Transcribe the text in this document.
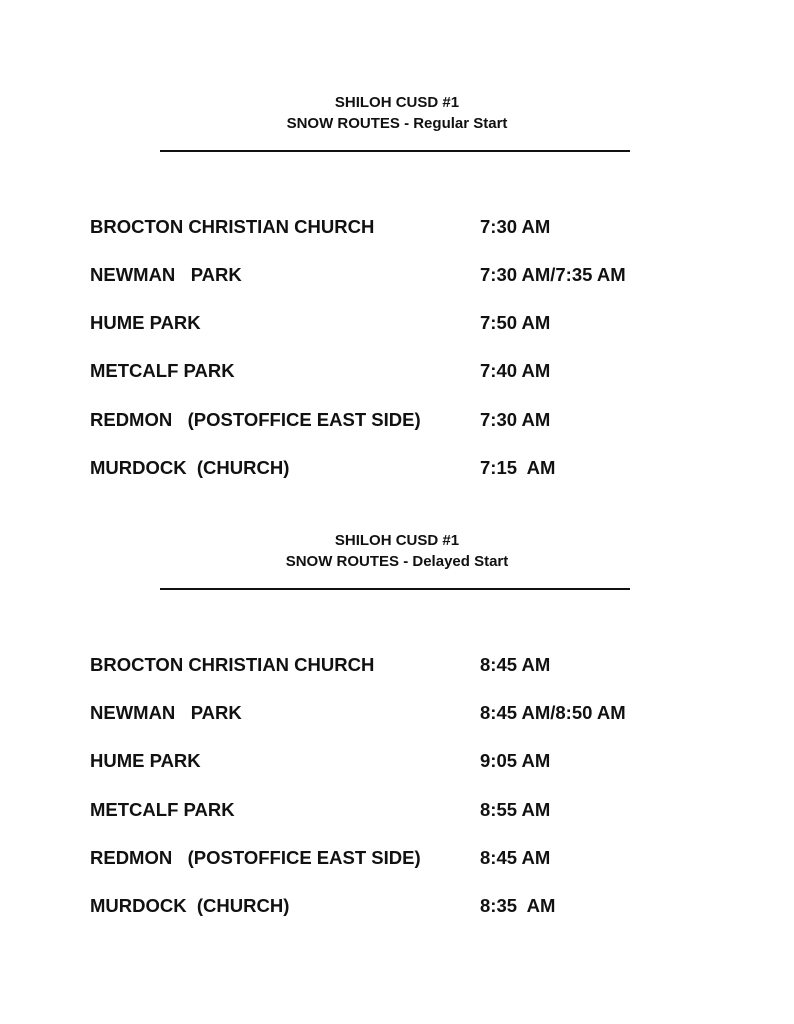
SHILOH CUSD #1
SNOW ROUTES - Regular Start

BROCTON CHRISTIAN CHURCH

	7:30 AM

NEWMAN   PARK

	7:30 AM/7:35 AM

HUME PARK

	7:50 AM

METCALF PARK

	7:40 AM

REDMON   (POSTOFFICE EAST SIDE)

	7:30 AM

MURDOCK  (CHURCH)

	7:15  AM

SHILOH CUSD #1
SNOW ROUTES - Delayed Start

BROCTON CHRISTIAN CHURCH

	8:45 AM

NEWMAN   PARK

	8:45 AM/8:50 AM

HUME PARK

	9:05 AM

METCALF PARK

	8:55 AM

REDMON   (POSTOFFICE EAST SIDE)

	8:45 AM

MURDOCK  (CHURCH)

	8:35  AM
